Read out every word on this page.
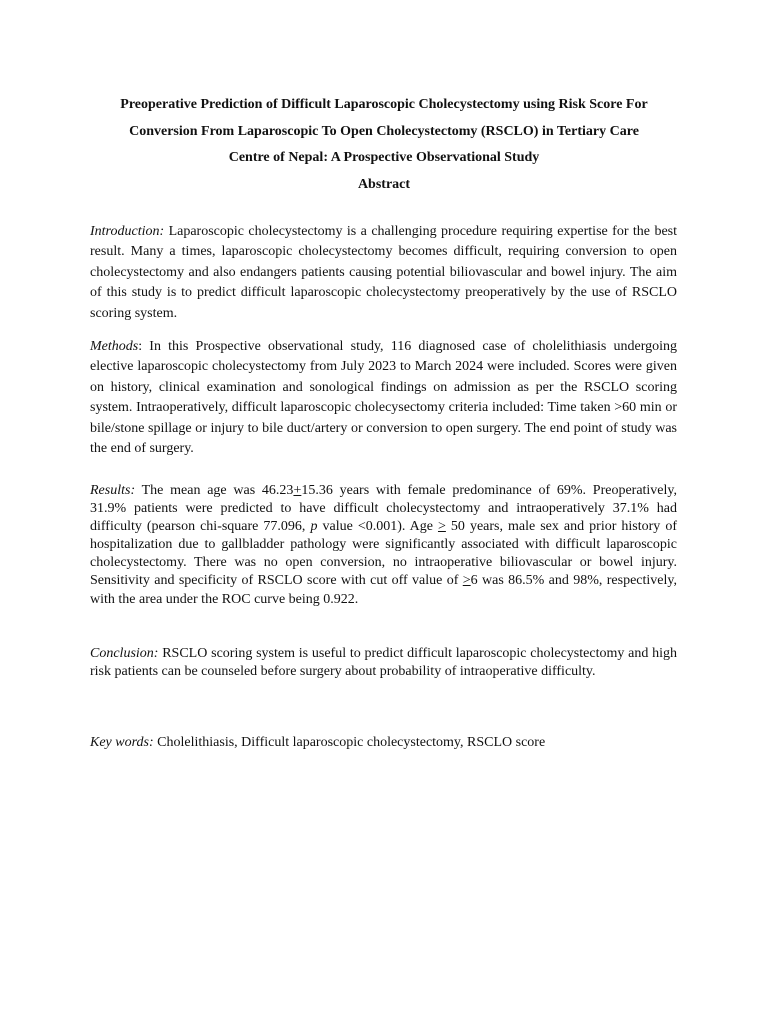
Preoperative Prediction of Difficult Laparoscopic Cholecystectomy using Risk Score For
Conversion From Laparoscopic To Open Cholecystectomy (RSCLO) in Tertiary Care
Centre of Nepal: A Prospective Observational Study
Abstract

Introduction: Laparoscopic cholecystectomy is a challenging procedure requiring expertise for the best result. Many a times, laparoscopic cholecystectomy becomes difficult, requiring conversion to open cholecystectomy and also endangers patients causing potential biliovascular and bowel injury. The aim of this study is to predict difficult laparoscopic cholecystectomy preoperatively by the use of RSCLO scoring system.

Methods: In this Prospective observational study, 116 diagnosed case of cholelithiasis undergoing elective laparoscopic cholecystectomy from July 2023 to March 2024 were included. Scores were given on history, clinical examination and sonological findings on admission as per the RSCLO scoring system. Intraoperatively, difficult laparoscopic cholecysectomy criteria included: Time taken >60 min or bile/stone spillage or injury to bile duct/artery or conversion to open surgery. The end point of study was the end of surgery.

Results: The mean age was 46.23+15.36 years with female predominance of 69%. Preoperatively, 31.9% patients were predicted to have difficult cholecystectomy and intraoperatively 37.1% had difficulty (pearson chi-square 77.096, p value <0.001). Age ≥ 50 years, male sex and prior history of hospitalization due to gallbladder pathology were significantly associated with difficult laparoscopic cholecystectomy. There was no open conversion, no intraoperative biliovascular or bowel injury. Sensitivity and specificity of RSCLO score with cut off value of ≥6 was 86.5% and 98%, respectively, with the area under the ROC curve being 0.922.

Conclusion: RSCLO scoring system is useful to predict difficult laparoscopic cholecystectomy and high risk patients can be counseled before surgery about probability of intraoperative difficulty.

Key words: Cholelithiasis, Difficult laparoscopic cholecystectomy, RSCLO score
